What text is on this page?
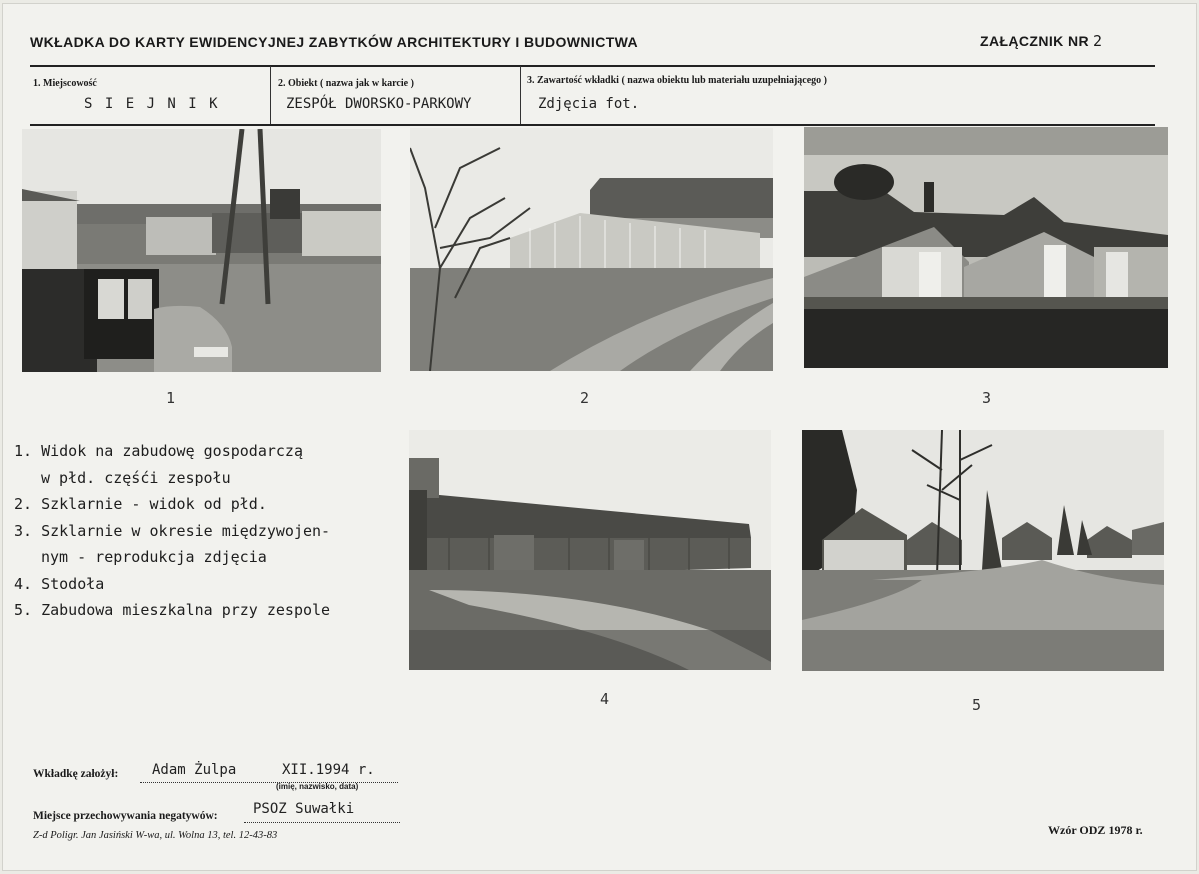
WKŁADKA DO KARTY EWIDENCYJNEJ ZABYTKÓW ARCHITEKTURY I BUDOWNICTWA	ZAŁĄCZNIK NR 2
1. Miejscowość
S I E J N I K
2. Obiekt ( nazwa jak w karcie )
ZESPÓŁ DWORSKO-PARKOWY
3. Zawartość wkładki ( nazwa obiektu lub materiału uzupełniającego )
Zdjęcia fot.
1	2	3
4	5
1. Widok na zabudowę gospodarczą
w płd. częśći zespołu
2. Szklarnie - widok od płd.
3. Szklarnie w okresie międzywojen-
nym - reprodukcja zdjęcia
4. Stodoła
5. Zabudowa mieszkalna przy zespole
Wkładkę założył: Adam Żulpa	XII.1994 r.
(imię, nazwisko, data)
Miejsce przechowywania negatywów:	PSOZ Suwałki
Z-d Poligr. Jan Jasiński W-wa, ul. Wolna 13, tel. 12-43-83	Wzór ODZ 1978 r.
